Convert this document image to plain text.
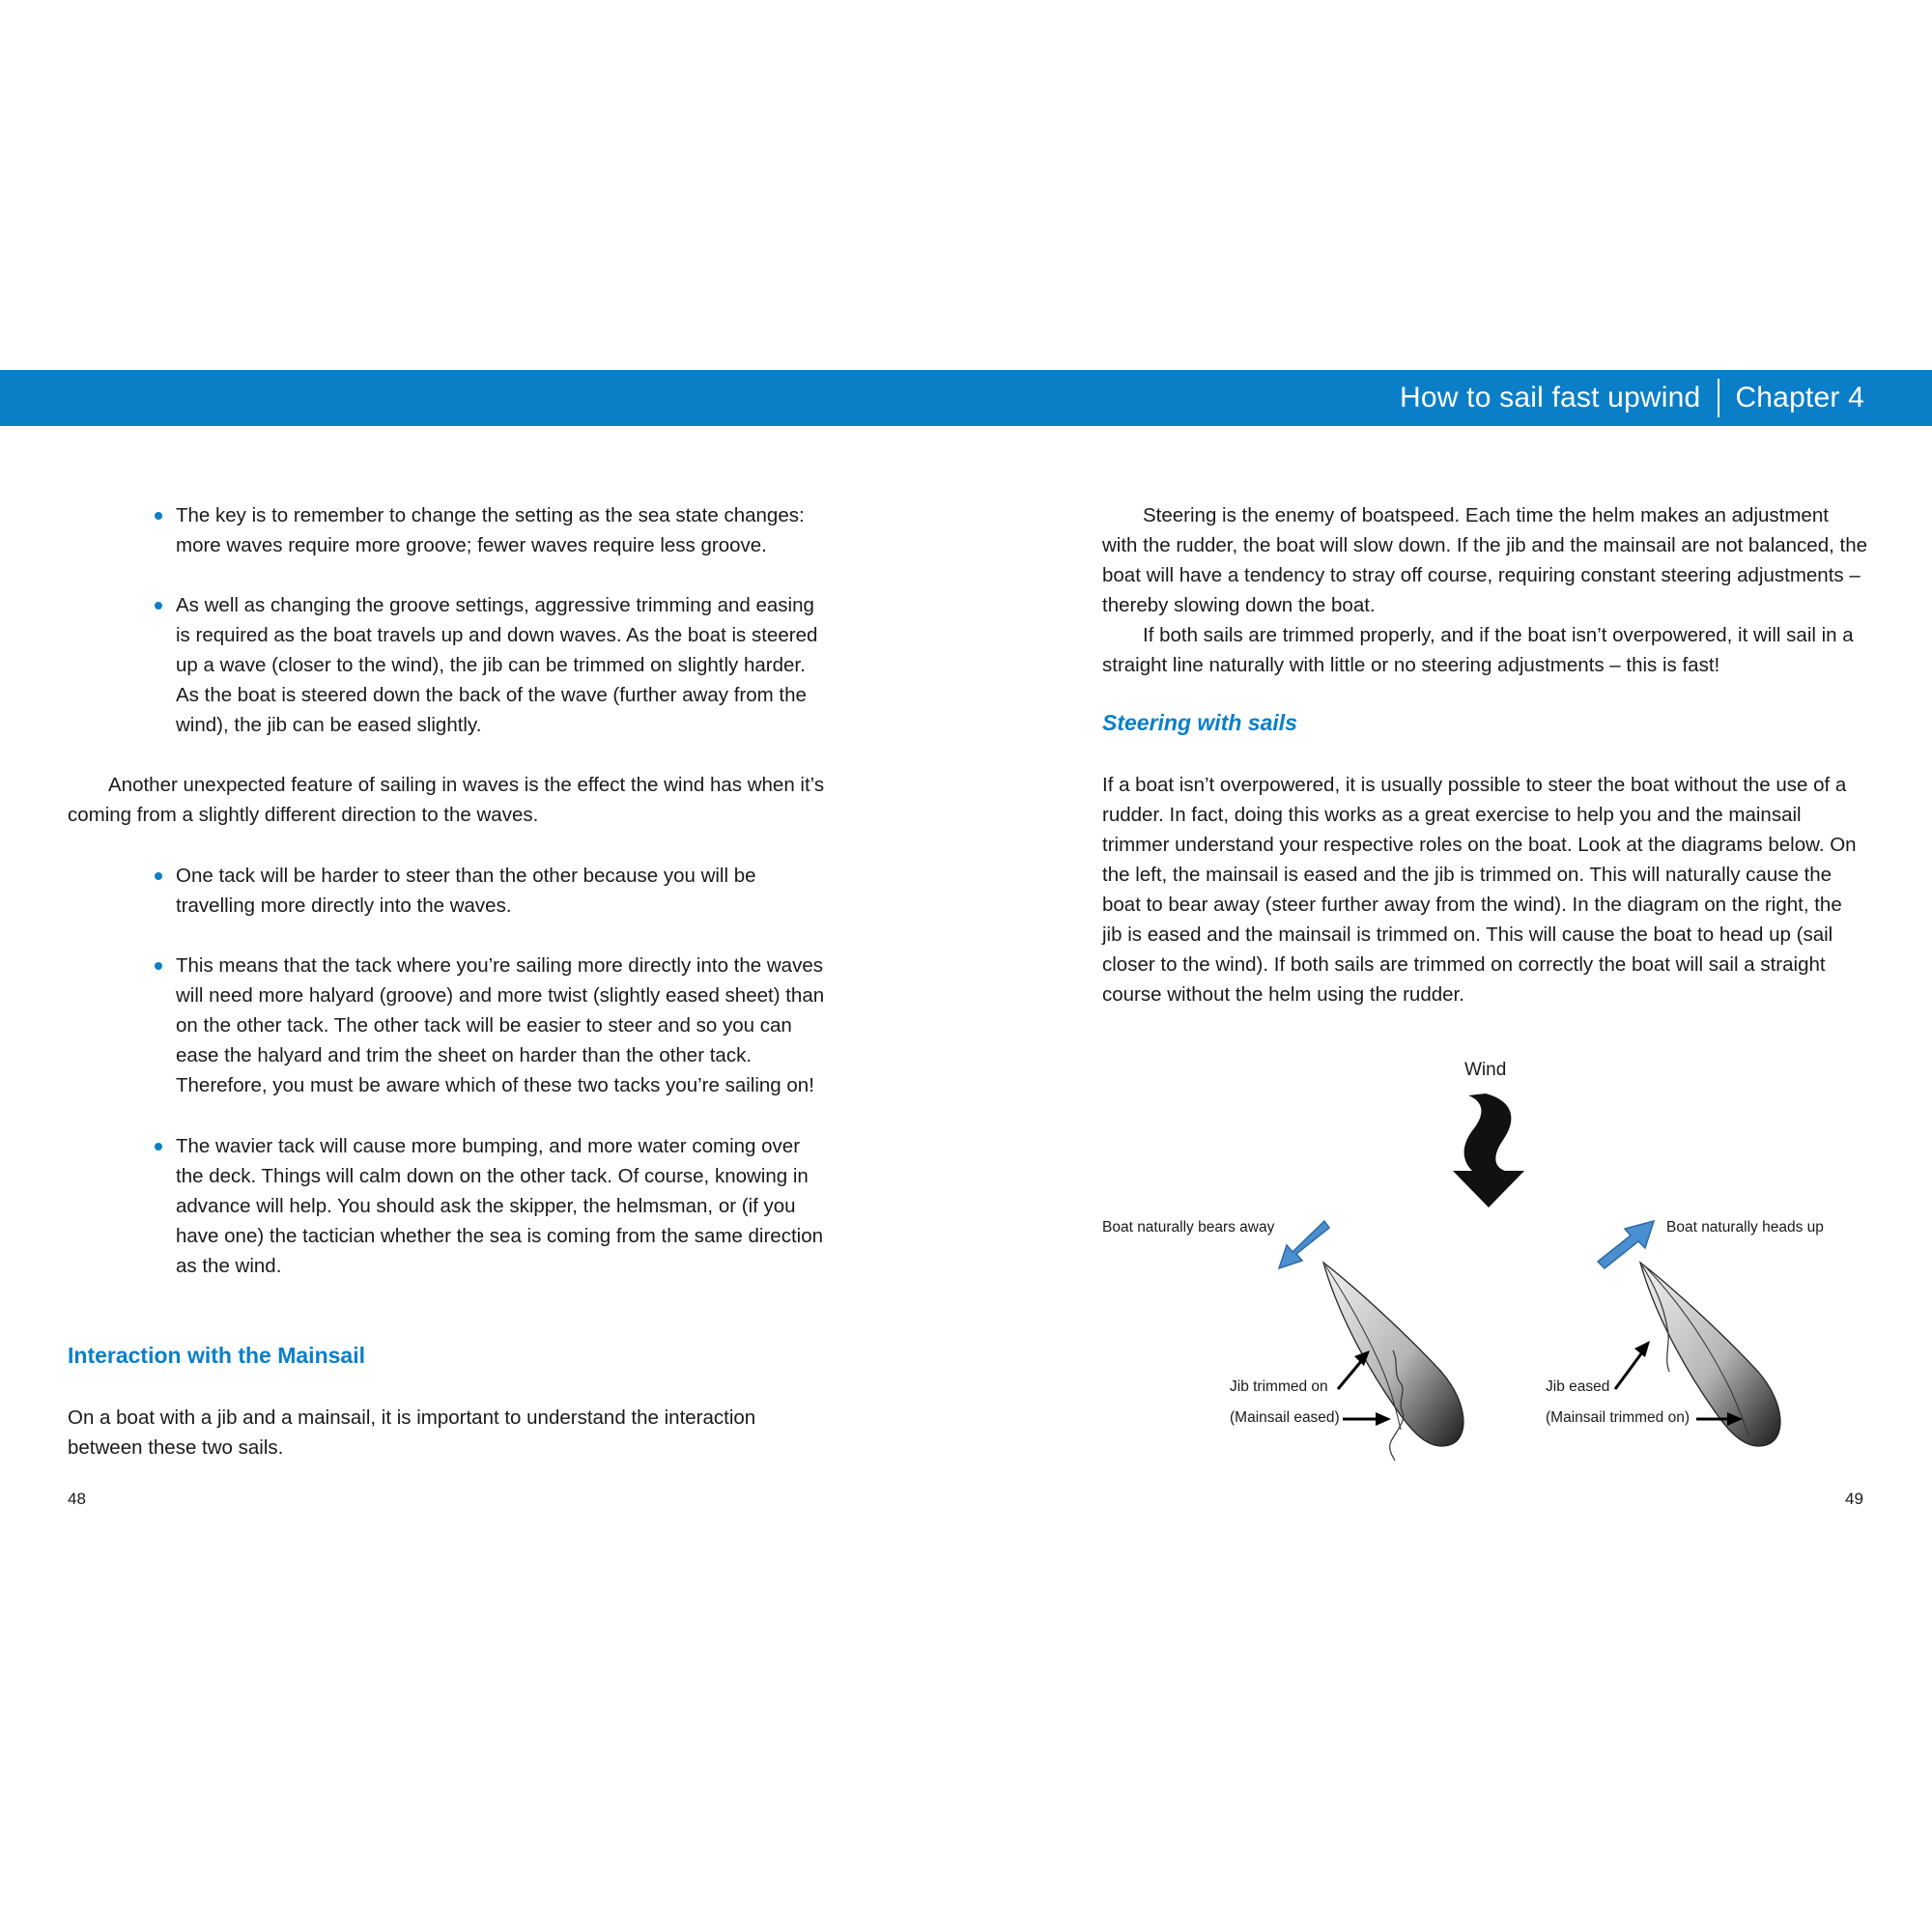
How to sail fast upwind Chapter 4

The key is to remember to change the setting as the sea state changes: more waves require more groove; fewer waves require less groove.

As well as changing the groove settings, aggressive trimming and easing is required as the boat travels up and down waves. As the boat is steered up a wave (closer to the wind), the jib can be trimmed on slightly harder. As the boat is steered down the back of the wave (further away from the wind), the jib can be eased slightly.

Another unexpected feature of sailing in waves is the effect the wind has when it’s coming from a slightly different direction to the waves.

One tack will be harder to steer than the other because you will be travelling more directly into the waves.

This means that the tack where you’re sailing more directly into the waves will need more halyard (groove) and more twist (slightly eased sheet) than on the other tack. The other tack will be easier to steer and so you can ease the halyard and trim the sheet on harder than the other tack. Therefore, you must be aware which of these two tacks you’re sailing on!

The wavier tack will cause more bumping, and more water coming over the deck. Things will calm down on the other tack. Of course, knowing in advance will help. You should ask the skipper, the helmsman, or (if you have one) the tactician whether the sea is coming from the same direction as the wind.

Interaction with the Mainsail

On a boat with a jib and a mainsail, it is important to understand the interaction between these two sails.

48

Steering is the enemy of boatspeed. Each time the helm makes an adjustment with the rudder, the boat will slow down. If the jib and the mainsail are not balanced, the boat will have a tendency to stray off course, requiring constant steering adjustments – thereby slowing down the boat.

If both sails are trimmed properly, and if the boat isn’t overpowered, it will sail in a straight line naturally with little or no steering adjustments – this is fast!

Steering with sails

If a boat isn’t overpowered, it is usually possible to steer the boat without the use of a rudder. In fact, doing this works as a great exercise to help you and the mainsail trimmer understand your respective roles on the boat. Look at the diagrams below. On the left, the mainsail is eased and the jib is trimmed on. This will naturally cause the boat to bear away (steer further away from the wind). In the diagram on the right, the jib is eased and the mainsail is trimmed on. This will cause the boat to head up (sail closer to the wind). If both sails are trimmed on correctly the boat will sail a straight course without the helm using the rudder.

Wind
Boat naturally bears away	Boat naturally heads up
Jib trimmed on
(Mainsail eased)
Jib eased
(Mainsail trimmed on)
49
